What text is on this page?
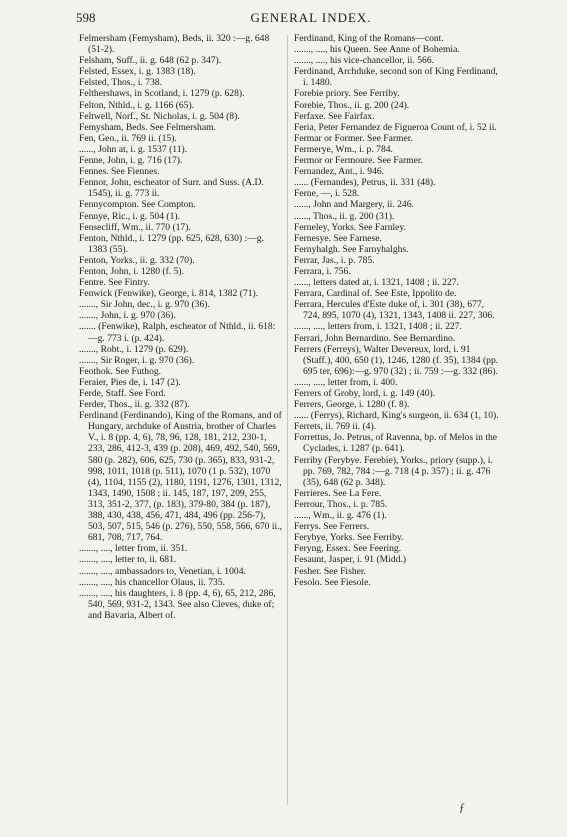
598	GENERAL INDEX.
Felmersham (Femysham), Beds, ii. 320 :—g. 648 (51-2).
Felsham, Suff., ii. g. 648 (62 p. 347).
Felsted, Essex, i. g. 1383 (18).
Felsted, Thos., i. 738.
Felthershaws, in Scotland, i. 1279 (p. 628).
Felton, Nthld., i. g. 1166 (65).
Feltwell, Norf., St. Nicholas, i. g. 504 (8).
Femysham, Beds. See Felmersham.
Fen, Geo., ii. 769 ii. (15).
......, John at, i. g. 1537 (11).
Fenne, John, i. g. 716 (17).
Fennes. See Fiennes.
Fennor, John, escheator of Surr. and Suss. (A.D. 1545), ii. g. 773 ii.
Fennycompton. See Compton.
Fennye, Ric., i. g. 504 (1).
Fensecliff, Wm., ii. 770 (17).
Fenton, Nthld., i. 1279 (pp. 625, 628, 630) :—g. 1383 (55).
Fenton, Yorks., ii. g. 332 (70).
Fenton, John, i. 1280 (f. 5).
Fentre. See Fintry.
Fenwick (Fenwike), George, i. 814, 1382 (71).
......., Sir John, dec., i. g. 970 (36).
......., John, i. g. 970 (36).
....... (Fenwike), Ralph, escheator of Nthld., ii. 618:—g. 773 i. (p. 424).
......., Robt., i. 1279 (p. 629).
......., Sir Roger, i. g. 970 (36).
Feothok. See Futhog.
Feraier, Pies de, i. 147 (2).
Ferde, Staff. See Ford.
Ferder, Thos., ii. g. 332 (87).
Ferdinand (Ferdinando), King of the Romans, and of Hungary, archduke of Austria, brother of Charles V., i. 8 (pp. 4, 6), 78, 96, 128, 181, 212, 230-1, 233, 286, 412-3, 439 (p. 208), 469, 492, 540, 569, 580 (p. 282), 606, 625, 730 (p. 365), 833, 931-2, 998, 1011, 1018 (p. 511), 1070 (1 p. 532), 1070 (4), 1104, 1155 (2), 1180, 1191, 1276, 1301, 1312, 1343, 1490, 1508 ; ii. 145, 187, 197, 209, 255, 313, 351-2, 377, (p. 183), 379-80, 384 (p. 187), 388, 430, 438, 456, 471, 484, 496 (pp. 256-7), 503, 507, 515, 546 (p. 276), 550, 558, 566, 670 ii., 681, 708, 717, 764.
......., ...., letter from, ii. 351.
......., ...., letter to, ii. 681.
......., ...., ambassadors to, Venetian, i. 1004.
......., ...., his chancellor Olaus, ii. 735.
......., ...., his daughters, i. 8 (pp. 4, 6), 65, 212, 286, 540, 569, 931-2, 1343. See also Cleves, duke of; and Bavaria, Albert of.
Ferdinand, King of the Romans—cont.
......., ...., his Queen. See Anne of Bohemia.
......., ...., his vice-chancellor, ii. 566.
Ferdinand, Archduke, second son of King Ferdinand, i. 1480.
Forebie priory. See Ferriby.
Forebie, Thos., ii. g. 200 (24).
Ferfaxe. See Fairfax.
Feria, Peter Fernandez de Figueroa Count of, i. 52 ii.
Fermar or Former. See Farmer.
Fermerye, Wm., i. p. 784.
Fermor or Fermoure. See Farmer.
Fernandez, Ant., i. 946.
...... (Fernandes), Petrus, ii. 331 (48).
Ferne, —, i. 528.
......, John and Margery, ii. 246.
......, Thos., ii. g. 200 (31).
Ferneley, Yorks. See Farnley.
Fernesye. See Farnese.
Fernyhalgh. See Farnyhalghs.
Ferrar, Jas., i. p. 785.
Ferrara, i. 756.
......, letters dated at, i. 1321, 1408 ; ii. 227.
Ferrara, Cardinal of. See Este, Ippolito de.
Ferrara, Hercules d'Este duke of, i. 301 (38), 677, 724, 895, 1070 (4), 1321, 1343, 1408 ii. 227, 306.
......, ...., letters from, i. 1321, 1408 ; ii. 227.
Ferrari, John Bernardino. See Bernardino.
Ferrers (Ferreys), Walter Devereux, lord, i. 91 (Staff.), 400, 650 (1), 1246, 1280 (f. 35), 1384 (pp. 695 ter, 696):—g. 970 (32) ; ii. 759 :—g. 332 (86).
......, ...., letter from, i. 400.
Ferrers of Groby, lord, i. g. 149 (40).
Ferrers, George, i. 1280 (f. 8).
...... (Ferrys), Richard, King's surgeon, ii. 634 (1, 10).
Ferrets, ii. 769 ii. (4).
Forrettus, Jo. Petrus, of Ravenna, bp. of Melos in the Cyclades, i. 1287 (p. 641).
Ferriby (Ferybye. Ferebie), Yorks., priory (supp.), i. pp. 769, 782, 784 :—g. 718 (4 p. 357) ; ii. g. 476 (35), 648 (62 p. 348).
Ferrieres. See La Fere.
Ferrour, Thos., i. p. 785.
......, Wm., ii. g. 476 (1).
Ferrys. See Ferrers.
Ferybye, Yorks. See Ferriby.
Feryng, Essex. See Feering.
Fesaunt, Jasper, i. 91 (Midd.)
Fesher. See Fisher.
Fesolo. See Fiesole.
ƒ
